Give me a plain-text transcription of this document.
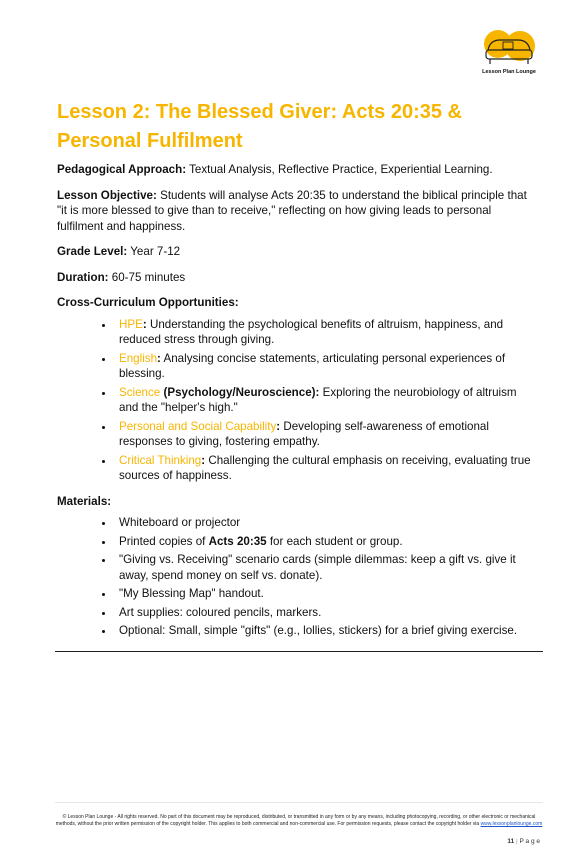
Lesson Plan Lounge
Lesson 2: The Blessed Giver: Acts 20:35 & Personal Fulfilment

Pedagogical Approach: Textual Analysis, Reflective Practice, Experiential Learning.

Lesson Objective: Students will analyse Acts 20:35 to understand the biblical principle that "it is more blessed to give than to receive," reflecting on how giving leads to personal fulfilment and happiness.

Grade Level: Year 7-12

Duration: 60-75 minutes

Cross-Curriculum Opportunities:

• HPE: Understanding the psychological benefits of altruism, happiness, and reduced stress through giving.
• English: Analysing concise statements, articulating personal experiences of blessing.
• Science (Psychology/Neuroscience): Exploring the neurobiology of altruism and the "helper's high."
• Personal and Social Capability: Developing self-awareness of emotional responses to giving, fostering empathy.
• Critical Thinking: Challenging the cultural emphasis on receiving, evaluating true sources of happiness.

Materials:

• Whiteboard or projector
• Printed copies of Acts 20:35 for each student or group.
• "Giving vs. Receiving" scenario cards (simple dilemmas: keep a gift vs. give it away, spend money on self vs. donate).
• "My Blessing Map" handout.
• Art supplies: coloured pencils, markers.
• Optional: Small, simple "gifts" (e.g., lollies, stickers) for a brief giving exercise.
© Lesson Plan Lounge - All rights reserved. No part of this document may be reproduced, distributed, or transmitted in any form or by any means, including photocopying, recording, or other electronic or mechanical methods, without the prior written permission of the copyright holder. This applies to both commercial and non-commercial use. For permission requests, please contact the copyright holder via www.lessonplanlounge.com
11 | P a g e
